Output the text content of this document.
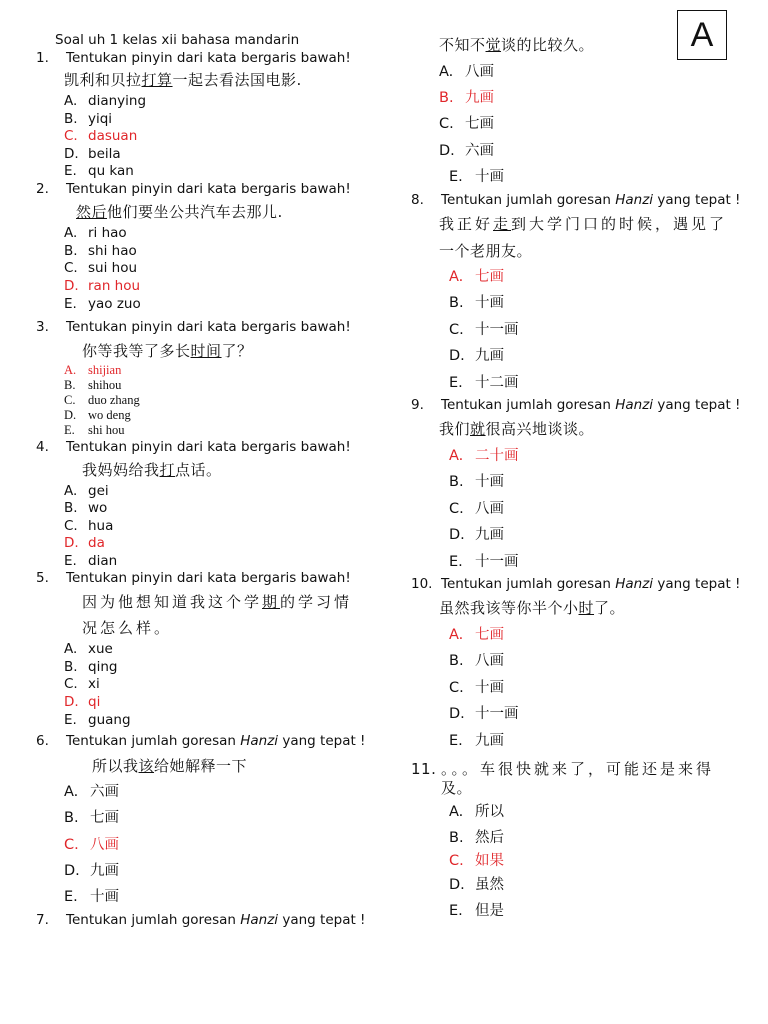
Soal uh 1 kelas xii bahasa mandarin	A
1. Tentukan pinyin dari kata bergaris bawah!
凯利和贝拉打算一起去看法国电影.
A. dianying
B. yiqi
C. dasuan
D. beila
E. qu kan
2. Tentukan pinyin dari kata bergaris bawah!
然后他们要坐公共汽车去那儿.
A. ri hao
B. shi hao
C. sui hou
D. ran hou
E. yao zuo
3. Tentukan pinyin dari kata bergaris bawah!
你等我等了多长时间了？
A. shijian
B. shihou
C. duo zhang
D. wo deng
E. shi hou
4. Tentukan pinyin dari kata bergaris bawah!
我妈妈给我打点话。
A. gei
B. wo
C. hua
D. da
E. dian
5. Tentukan pinyin dari kata bergaris bawah!
因为他想知道我这个学期的学习情
况怎么样。
A. xue
B. qing
C. xi
D. qi
E. guang
6. Tentukan jumlah goresan Hanzi yang tepat !
所以我该给她解释一下
A. 六画
B. 七画
C. 八画
D. 九画
E. 十画
7. Tentukan jumlah goresan Hanzi yang tepat !
不知不觉谈的比较久。
A. 八画
B. 九画
C. 七画
D. 六画
E. 十画
8. Tentukan jumlah goresan Hanzi yang tepat !
我正好走到大学门口的时候，遇见了
一个老朋友。
A. 七画
B. 十画
C. 十一画
D. 九画
E. 十二画
9. Tentukan jumlah goresan Hanzi yang tepat !
我们就很高兴地谈谈。
A. 二十画
B. 十画
C. 八画
D. 九画
E. 十一画
10. Tentukan jumlah goresan Hanzi yang tepat !
虽然我该等你半个小时了。
A. 七画
B. 八画
C. 十画
D. 十一画
E. 九画
11. 。。。车很快就来了，可能还是来得
及。
A. 所以
B. 然后
C. 如果
D. 虽然
E. 但是
